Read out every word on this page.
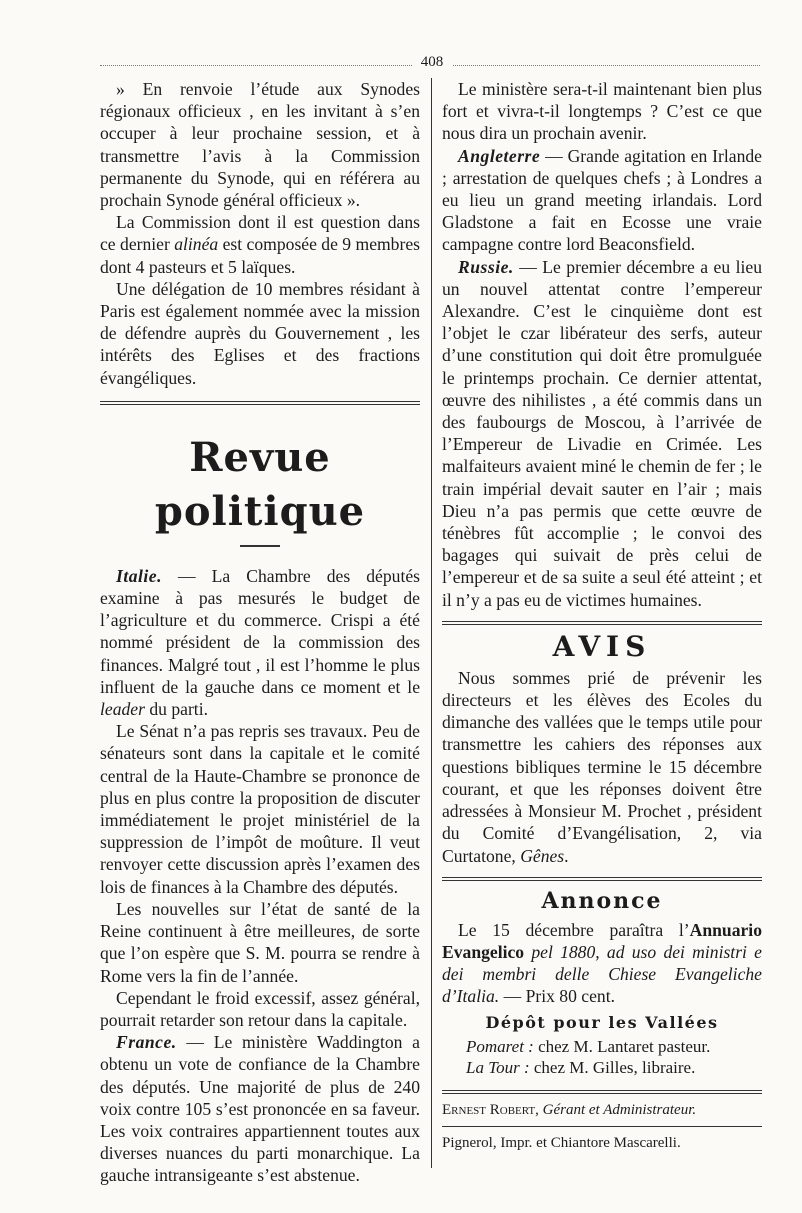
408

» En renvoie l’étude aux Synodes régionaux officieux , en les invitant à s’en occuper à leur prochaine session, et à transmettre l’avis à la Commission permanente du Synode, qui en référera au prochain Synode général officieux ».

La Commission dont il est question dans ce dernier alinéa est composée de 9 membres dont 4 pasteurs et 5 laïques.

Une délégation de 10 membres résidant à Paris est également nommée avec la mission de défendre auprès du Gouvernement , les intérêts des Eglises et des fractions évangéliques.

Revue politique

Italie. — La Chambre des députés examine à pas mesurés le budget de l’agriculture et du commerce. Crispi a été nommé président de la commission des finances. Malgré tout , il est l’homme le plus influent de la gauche dans ce moment et le leader du parti.

Le Sénat n’a pas repris ses travaux. Peu de sénateurs sont dans la capitale et le comité central de la Haute-Chambre se prononce de plus en plus contre la proposition de discuter immédiatement le projet ministériel de la suppression de l’impôt de moûture. Il veut renvoyer cette discussion après l’examen des lois de finances à la Chambre des députés.

Les nouvelles sur l’état de santé de la Reine continuent à être meilleures, de sorte que l’on espère que S. M. pourra se rendre à Rome vers la fin de l’année.

Cependant le froid excessif, assez général, pourrait retarder son retour dans la capitale.

France. — Le ministère Waddington a obtenu un vote de confiance de la Chambre des députés. Une majorité de plus de 240 voix contre 105 s’est prononcée en sa faveur. Les voix contraires appartiennent toutes aux diverses nuances du parti monarchique. La gauche intransigeante s’est abstenue.

Le ministère sera-t-il maintenant bien plus fort et vivra-t-il longtemps ? C’est ce que nous dira un prochain avenir.

Angleterre — Grande agitation en Irlande ; arrestation de quelques chefs ; à Londres a eu lieu un grand meeting irlandais. Lord Gladstone a fait en Ecosse une vraie campagne contre lord Beaconsfield.

Russie. — Le premier décembre a eu lieu un nouvel attentat contre l’empereur Alexandre. C’est le cinquième dont est l’objet le czar libérateur des serfs, auteur d’une constitution qui doit être promulguée le printemps prochain. Ce dernier attentat, œuvre des nihilistes , a été commis dans un des faubourgs de Moscou, à l’arrivée de l’Empereur de Livadie en Crimée. Les malfaiteurs avaient miné le chemin de fer ; le train impérial devait sauter en l’air ; mais Dieu n’a pas permis que cette œuvre de ténèbres fût accomplie ; le convoi des bagages qui suivait de près celui de l’empereur et de sa suite a seul été atteint ; et il n’y a pas eu de victimes humaines.

AVIS

Nous sommes prié de prévenir les directeurs et les élèves des Ecoles du dimanche des vallées que le temps utile pour transmettre les cahiers des réponses aux questions bibliques termine le 15 décembre courant, et que les réponses doivent être adressées à Monsieur M. Prochet , président du Comité d’Evangélisation, 2, via Curtatone, Gênes.

Annonce

Le 15 décembre paraîtra l’Annuario Evangelico pel 1880, ad uso dei ministri e dei membri delle Chiese Evangeliche d’Italia. — Prix 80 cent.

Dépôt pour les Vallées

Pomaret : chez M. Lantaret pasteur.

La Tour : chez M. Gilles, libraire.

Ernest Robert, Gérant et Administrateur.

Pignerol, Impr. et Chiantore Mascarelli.
